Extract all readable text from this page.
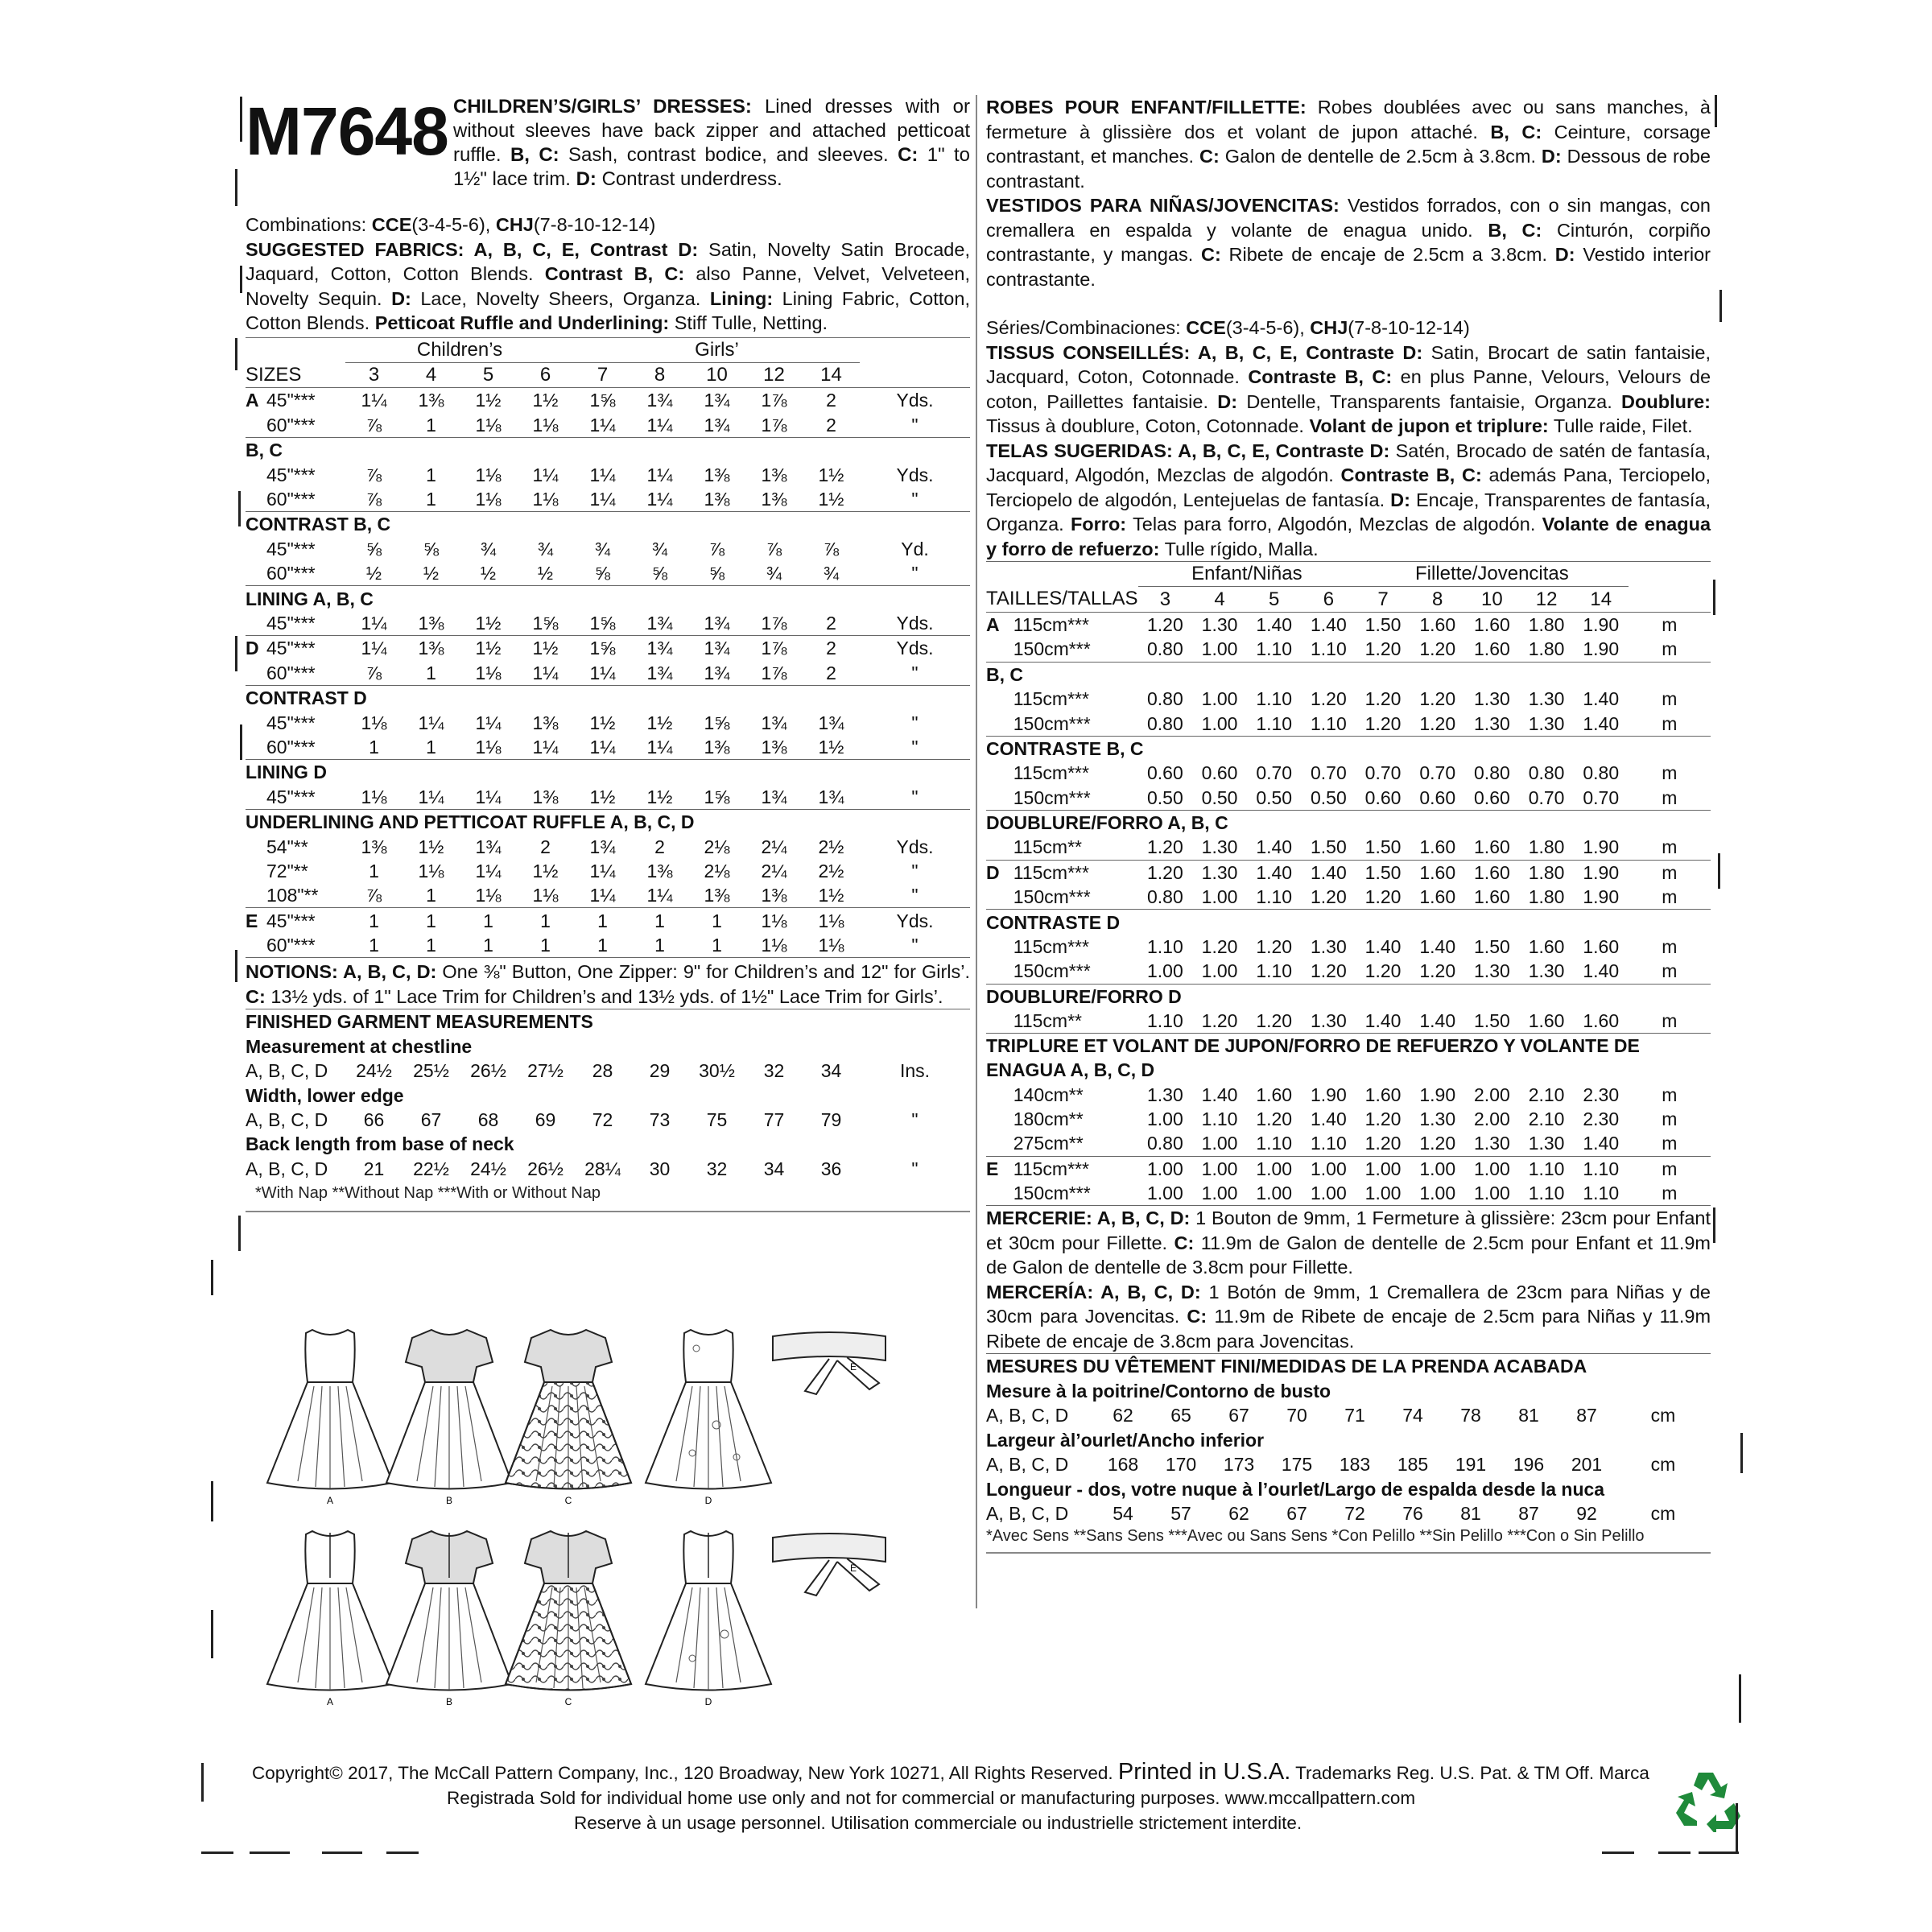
M7648 CHILDREN’S/GIRLS’ DRESSES: Lined dresses with or without sleeves have back zipper and attached petticoat ruffle. B, C: Sash, contrast bodice, and sleeves. C: 1" to 1½" lace trim. D: Contrast underdress.

Combinations: CCE(3-4-5-6), CHJ(7-8-10-12-14)

SUGGESTED FABRICS: A, B, C, E, Contrast D: Satin, Novelty Satin Brocade, Jaquard, Cotton, Cotton Blends. Contrast B, C: also Panne, Velvet, Velveteen, Novelty Sequin. D: Lace, Novelty Sheers, Organza. Lining: Lining Fabric, Cotton, Cotton Blends. Petticoat Ruffle and Underlining: Stiff Tulle, Netting.

		Children’s				Girls’					
SIZES		3	4	5	6	7	8	10	12	14	
A	45"***	1¼	1⅜	1½	1½	1⅝	1¾	1¾	1⅞	2	Yds.
	60"***	⅞	1	1⅛	1⅛	1¼	1¼	1¾	1⅞	2	"
B, C											
	45"***	⅞	1	1⅛	1¼	1¼	1¼	1⅜	1⅜	1½	Yds.
	60"***	⅞	1	1⅛	1⅛	1¼	1¼	1⅜	1⅜	1½	"
CONTRAST B, C											
	45"***	⅝	⅝	¾	¾	¾	¾	⅞	⅞	⅞	Yd.
	60"***	½	½	½	½	⅝	⅝	⅝	¾	¾	"
LINING A, B, C											
	45"***	1¼	1⅜	1½	1⅝	1⅝	1¾	1¾	1⅞	2	Yds.
D	45"***	1¼	1⅜	1½	1½	1⅝	1¾	1¾	1⅞	2	Yds.
	60"***	⅞	1	1⅛	1¼	1¼	1¾	1¾	1⅞	2	"
CONTRAST D											
	45"***	1⅛	1¼	1¼	1⅜	1½	1½	1⅝	1¾	1¾	"
	60"***	1	1	1⅛	1¼	1¼	1¼	1⅜	1⅜	1½	"
LINING D											
	45"***	1⅛	1¼	1¼	1⅜	1½	1½	1⅝	1¾	1¾	"
UNDERLINING AND PETTICOAT RUFFLE A, B, C, D											
	54"**	1⅜	1½	1¾	2	1¾	2	2⅛	2¼	2½	Yds.
	72"**	1	1⅛	1¼	1½	1¼	1⅜	2⅛	2¼	2½	"
	108"**	⅞	1	1⅛	1⅛	1¼	1¼	1⅜	1⅜	1½	"
E	45"***	1	1	1	1	1	1	1	1⅛	1⅛	Yds.
	60"***	1	1	1	1	1	1	1	1⅛	1⅛	"

NOTIONS: A, B, C, D: One ⅜" Button, One Zipper: 9" for Children’s and 12" for Girls’. C: 13½ yds. of 1" Lace Trim for Children’s and 13½ yds. of 1½" Lace Trim for Girls’.

FINISHED GARMENT MEASUREMENTS
Measurement at chestline										
A, B, C, D	24½	25½	26½	27½	28	29	30½	32	34	Ins.
Width, lower edge										
A, B, C, D	66	67	68	69	72	73	75	77	79	"
Back length from base of neck										
A, B, C, D	21	22½	24½	26½	28¼	30	32	34	36	"
*With Nap **Without Nap ***With or Without Nap

ROBES POUR ENFANT/FILLETTE: Robes doublées avec ou sans manches, à fermeture à glissière dos et volant de jupon attaché. B, C: Ceinture, corsage contrastant, et manches. C: Galon de dentelle de 2.5cm à 3.8cm. D: Dessous de robe contrastant.

VESTIDOS PARA NIÑAS/JOVENCITAS: Vestidos forrados, con o sin mangas, con cremallera en espalda y volante de enagua unido. B, C: Cinturón, corpiño contrastante, y mangas. C: Ribete de encaje de 2.5cm a 3.8cm. D: Vestido interior contrastante.

Séries/Combinaciones: CCE(3-4-5-6), CHJ(7-8-10-12-14)

TISSUS CONSEILLÉS: A, B, C, E, Contraste D: Satin, Brocart de satin fantaisie, Jacquard, Coton, Cotonnade. Contraste B, C: en plus Panne, Velours, Velours de coton, Paillettes fantaisie. D: Dentelle, Transparents fantaisie, Organza. Doublure: Tissus à doublure, Coton, Cotonnade. Volant de jupon et triplure: Tulle raide, Filet.

TELAS SUGERIDAS: A, B, C, E, Contraste D: Satén, Brocado de satén de fantasía, Jacquard, Algodón, Mezclas de algodón. Contraste B, C: además Pana, Terciopelo, Terciopelo de algodón, Lentejuelas de fantasía. D: Encaje, Transparentes de fantasía, Organza. Forro: Telas para forro, Algodón, Mezclas de algodón. Volante de enagua y forro de refuerzo: Tulle rígido, Malla.

		Enfant/Niñas				Fillette/Jovencitas					
TAILLES/TALLAS		3	4	5	6	7	8	10	12	14	
A	115cm***	1.20	1.30	1.40	1.40	1.50	1.60	1.60	1.80	1.90	m
	150cm***	0.80	1.00	1.10	1.10	1.20	1.20	1.60	1.80	1.90	m
B, C											
	115cm***	0.80	1.00	1.10	1.20	1.20	1.20	1.30	1.30	1.40	m
	150cm***	0.80	1.00	1.10	1.10	1.20	1.20	1.30	1.30	1.40	m
CONTRASTE B, C											
	115cm***	0.60	0.60	0.70	0.70	0.70	0.70	0.80	0.80	0.80	m
	150cm***	0.50	0.50	0.50	0.50	0.60	0.60	0.60	0.70	0.70	m
DOUBLURE/FORRO A, B, C											
	115cm**	1.20	1.30	1.40	1.50	1.50	1.60	1.60	1.80	1.90	m
D	115cm***	1.20	1.30	1.40	1.40	1.50	1.60	1.60	1.80	1.90	m
	150cm***	0.80	1.00	1.10	1.20	1.20	1.60	1.60	1.80	1.90	m
CONTRASTE D											
	115cm***	1.10	1.20	1.20	1.30	1.40	1.40	1.50	1.60	1.60	m
	150cm***	1.00	1.00	1.10	1.20	1.20	1.20	1.30	1.30	1.40	m
DOUBLURE/FORRO D											
	115cm**	1.10	1.20	1.20	1.30	1.40	1.40	1.50	1.60	1.60	m
TRIPLURE ET VOLANT DE JUPON/FORRO DE REFUERZO Y VOLANTE DE ENAGUA A, B, C, D											
	140cm**	1.30	1.40	1.60	1.90	1.60	1.90	2.00	2.10	2.30	m
	180cm**	1.00	1.10	1.20	1.40	1.20	1.30	2.00	2.10	2.30	m
	275cm**	0.80	1.00	1.10	1.10	1.20	1.20	1.30	1.30	1.40	m
E	115cm***	1.00	1.00	1.00	1.00	1.00	1.00	1.00	1.10	1.10	m
	150cm***	1.00	1.00	1.00	1.00	1.00	1.00	1.00	1.10	1.10	m

MERCERIE: A, B, C, D: 1 Bouton de 9mm, 1 Fermeture à glissière: 23cm pour Enfant et 30cm pour Fillette. C: 11.9m de Galon de dentelle de 2.5cm pour Enfant et 11.9m de Galon de dentelle de 3.8cm pour Fillette.

MERCERÍA: A, B, C, D: 1 Botón de 9mm, 1 Cremallera de 23cm para Niñas y de 30cm para Jovencitas. C: 11.9m de Ribete de encaje de 2.5cm para Niñas y 11.9m Ribete de encaje de 3.8cm para Jovencitas.

MESURES DU VÊTEMENT FINI/MEDIDAS DE LA PRENDA ACABADA
Mesure à la poitrine/Contorno de busto										
A, B, C, D	62	65	67	70	71	74	78	81	87	cm
Largeur àl’ourlet/Ancho inferior										
A, B, C, D	168	170	173	175	183	185	191	196	201	cm
Longueur - dos, votre nuque à l’ourlet/Largo de espalda desde la nuca										
A, B, C, D	54	57	62	67	72	76	81	87	92	cm
*Avec Sens **Sans Sens ***Avec ou Sans Sens *Con Pelillo **Sin Pelillo ***Con o Sin Pelillo
A	B	C	D
E
A	B	C	D
E
Copyright© 2017, The McCall Pattern Company, Inc., 120 Broadway, New York 10271, All Rights Reserved. Printed in U.S.A. Trademarks Reg. U.S. Pat. & TM Off. Marca
Registrada Sold for individual home use only and not for commercial or manufacturing purposes. www.mccallpattern.com
Reserve à un usage personnel. Utilisation commerciale ou industrielle strictement interdite.
